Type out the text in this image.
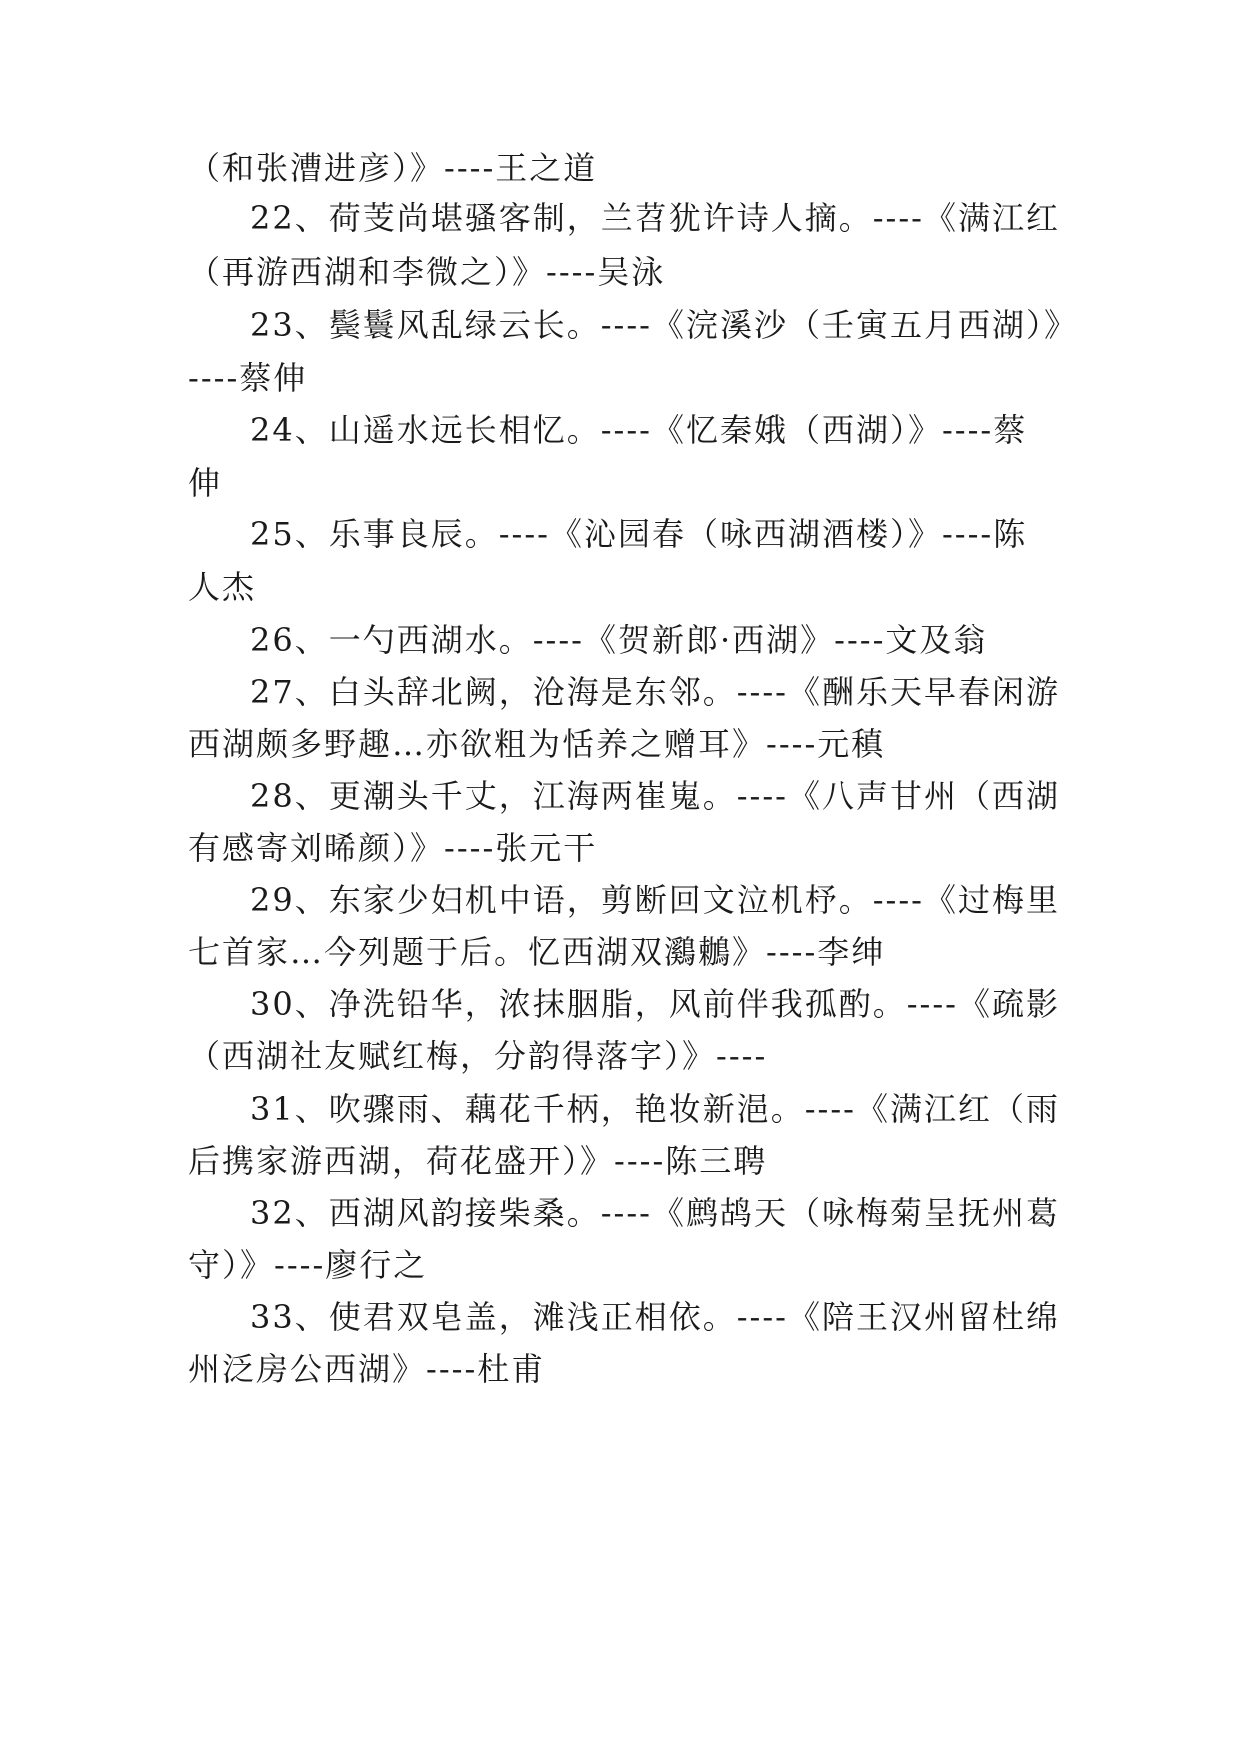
（和张漕进彦）》----王之道
22、荷芰尚堪骚客制，兰苕犹许诗人摘。----《满江红
（再游西湖和李微之）》----吴泳
23、鬓鬟风乱绿云长。----《浣溪沙（壬寅五月西湖）》
----蔡伸
24、山遥水远长相忆。----《忆秦娥（西湖）》----蔡
伸
25、乐事良辰。----《沁园春（咏西湖酒楼）》----陈
人杰
26、一勺西湖水。----《贺新郎·西湖》----文及翁
27、白头辞北阙，沧海是东邻。----《酬乐天早春闲游
西湖颇多野趣…亦欲粗为恬养之赠耳》----元稹
28、更潮头千丈，江海两崔嵬。----《八声甘州（西湖
有感寄刘晞颜）》----张元干
29、东家少妇机中语，剪断回文泣机杼。----《过梅里
七首家…今列题于后。忆西湖双鸂鶒》----李绅
30、净洗铅华，浓抹胭脂，风前伴我孤酌。----《疏影
（西湖社友赋红梅，分韵得落字）》----
31、吹骤雨、藕花千柄，艳妆新浥。----《满江红（雨
后携家游西湖，荷花盛开）》----陈三聘
32、西湖风韵接柴桑。----《鹧鸪天（咏梅菊呈抚州葛
守）》----廖行之
33、使君双皂盖，滩浅正相依。----《陪王汉州留杜绵
州泛房公西湖》----杜甫
